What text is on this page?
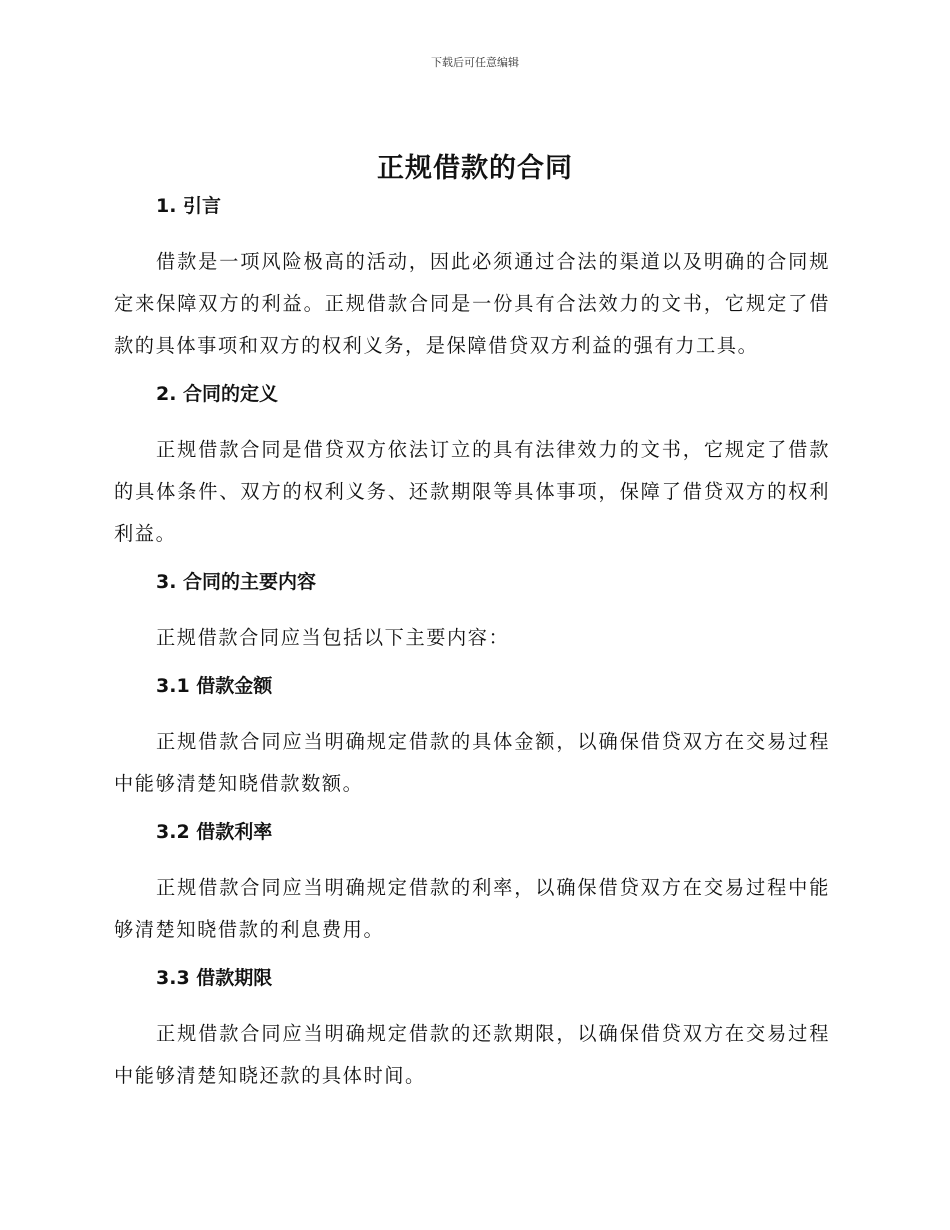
下载后可任意编辑
正规借款的合同
1. 引言

借款是一项风险极高的活动，因此必须通过合法的渠道以及明确的合同规定来保障双方的利益。正规借款合同是一份具有合法效力的文书，它规定了借款的具体事项和双方的权利义务，是保障借贷双方利益的强有力工具。

2. 合同的定义

正规借款合同是借贷双方依法订立的具有法律效力的文书，它规定了借款的具体条件、双方的权利义务、还款期限等具体事项，保障了借贷双方的权利利益。

3. 合同的主要内容

正规借款合同应当包括以下主要内容：

3.1 借款金额

正规借款合同应当明确规定借款的具体金额，以确保借贷双方在交易过程中能够清楚知晓借款数额。

3.2 借款利率

正规借款合同应当明确规定借款的利率，以确保借贷双方在交易过程中能够清楚知晓借款的利息费用。

3.3 借款期限

正规借款合同应当明确规定借款的还款期限，以确保借贷双方在交易过程中能够清楚知晓还款的具体时间。
